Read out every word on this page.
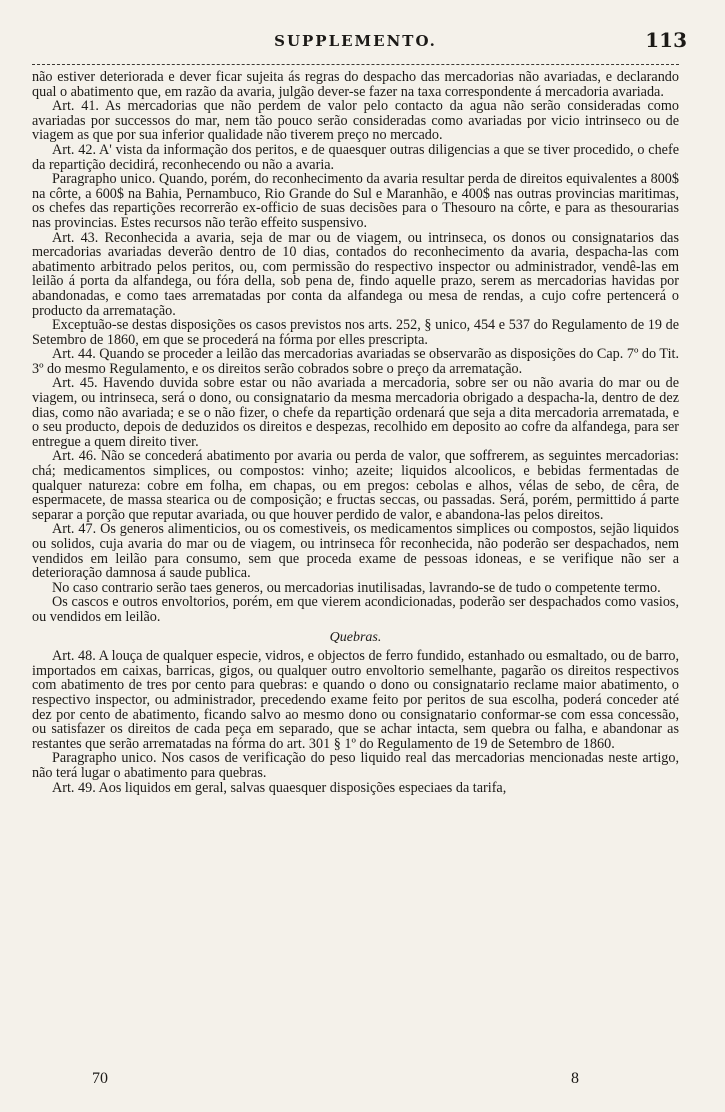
SUPPLEMENTO.	113

não estiver deteriorada e dever ficar sujeita ás regras do despacho das mercadorias não avariadas, e declarando qual o abatimento que, em razão da avaria, julgão dever-se fazer na taxa correspondente á mercadoria avariada.

Art. 41. As mercadorias que não perdem de valor pelo contacto da agua não serão consideradas como avariadas por successos do mar, nem tão pouco serão consideradas como avariadas por vicio intrinseco ou de viagem as que por sua inferior qualidade não tiverem preço no mercado.

Art. 42. A' vista da informação dos peritos, e de quaesquer outras diligencias a que se tiver procedido, o chefe da repartição decidirá, reconhecendo ou não a avaria.

Paragrapho unico. Quando, porém, do reconhecimento da avaria resultar perda de direitos equivalentes a 800$ na côrte, a 600$ na Bahia, Pernambuco, Rio Grande do Sul e Maranhão, e 400$ nas outras provincias maritimas, os chefes das repartições recorrerão ex-officio de suas decisões para o Thesouro na côrte, e para as thesourarias nas provincias. Estes recursos não terão effeito suspensivo.

Art. 43. Reconhecida a avaria, seja de mar ou de viagem, ou intrinseca, os donos ou consignatarios das mercadorias avariadas deverão dentro de 10 dias, contados do reconhecimento da avaria, despacha-las com abatimento arbitrado pelos peritos, ou, com permissão do respectivo inspector ou administrador, vendê-las em leilão á porta da alfandega, ou fóra della, sob pena de, findo aquelle prazo, serem as mercadorias havidas por abandonadas, e como taes arrematadas por conta da alfandega ou mesa de rendas, a cujo cofre pertencerá o producto da arrematação.

Exceptuão-se destas disposições os casos previstos nos arts. 252, § unico, 454 e 537 do Regulamento de 19 de Setembro de 1860, em que se procederá na fórma por elles prescripta.

Art. 44. Quando se proceder a leilão das mercadorias avariadas se observarão as disposições do Cap. 7º do Tit. 3º do mesmo Regulamento, e os direitos serão cobrados sobre o preço da arrematação.

Art. 45. Havendo duvida sobre estar ou não avariada a mercadoria, sobre ser ou não avaria do mar ou de viagem, ou intrinseca, será o dono, ou consignatario da mesma mercadoria obrigado a despacha-la, dentro de dez dias, como não avariada; e se o não fizer, o chefe da repartição ordenará que seja a dita mercadoria arrematada, e o seu producto, depois de deduzidos os direitos e despezas, recolhido em deposito ao cofre da alfandega, para ser entregue a quem direito tiver.

Art. 46. Não se concederá abatimento por avaria ou perda de valor, que soffrerem, as seguintes mercadorias: chá; medicamentos simplices, ou compostos: vinho; azeite; liquidos alcoolicos, e bebidas fermentadas de qualquer natureza: cobre em folha, em chapas, ou em pregos: cebolas e alhos, vélas de sebo, de cêra, de espermacete, de massa stearica ou de composição; e fructas seccas, ou passadas. Será, porém, permittido á parte separar a porção que reputar avariada, ou que houver perdido de valor, e abandona-las pelos direitos.

Art. 47. Os generos alimenticios, ou os comestiveis, os medicamentos simplices ou compostos, sejão liquidos ou solidos, cuja avaria do mar ou de viagem, ou intrinseca fôr reconhecida, não poderão ser despachados, nem vendidos em leilão para consumo, sem que proceda exame de pessoas idoneas, e se verifique não ser a deterioração damnosa á saude publica.

No caso contrario serão taes generos, ou mercadorias inutilisadas, lavrando-se de tudo o competente termo.

Os cascos e outros envoltorios, porém, em que vierem acondicionadas, poderão ser despachados como vasios, ou vendidos em leilão.

Quebras.

Art. 48. A louça de qualquer especie, vidros, e objectos de ferro fundido, estanhado ou esmaltado, ou de barro, importados em caixas, barricas, gigos, ou qualquer outro envoltorio semelhante, pagarão os direitos respectivos com abatimento de tres por cento para quebras: e quando o dono ou consignatario reclame maior abatimento, o respectivo inspector, ou administrador, precedendo exame feito por peritos de sua escolha, poderá conceder até dez por cento de abatimento, ficando salvo ao mesmo dono ou consignatario conformar-se com essa concessão, ou satisfazer os direitos de cada peça em separado, que se achar intacta, sem quebra ou falha, e abandonar as restantes que serão arrematadas na fórma do art. 301 § 1º do Regulamento de 19 de Setembro de 1860.

Paragrapho unico. Nos casos de verificação do peso liquido real das mercadorias mencionadas neste artigo, não terá lugar o abatimento para quebras.

Art. 49. Aos liquidos em geral, salvas quaesquer disposições especiaes da tarifa,

70	8
